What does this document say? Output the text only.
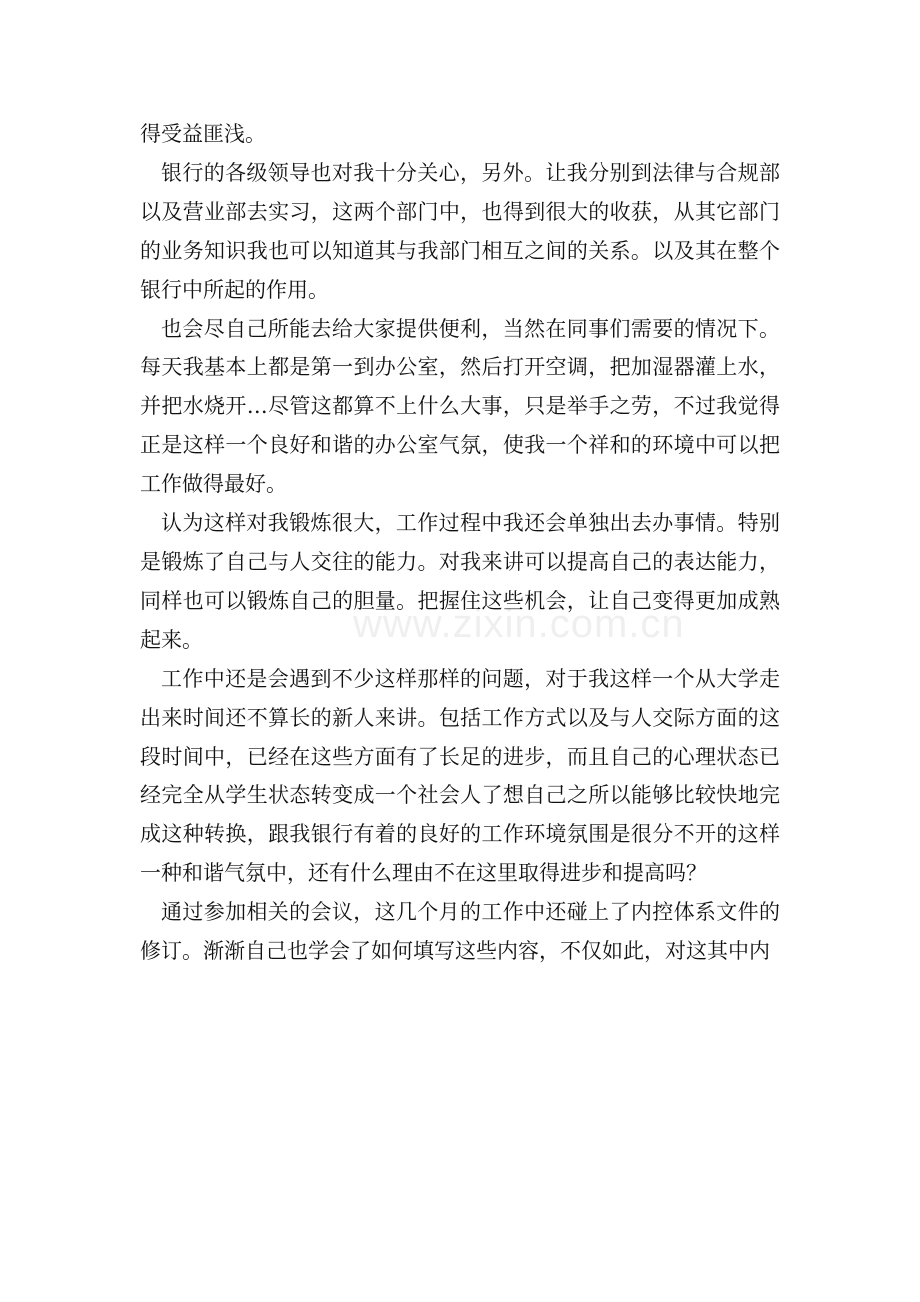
得受益匪浅。

银行的各级领导也对我十分关心，另外。让我分别到法律与合规部以及营业部去实习，这两个部门中，也得到很大的收获，从其它部门的业务知识我也可以知道其与我部门相互之间的关系。以及其在整个银行中所起的作用。

也会尽自己所能去给大家提供便利，当然在同事们需要的情况下。每天我基本上都是第一到办公室，然后打开空调，把加湿器灌上水，并把水烧开…尽管这都算不上什么大事，只是举手之劳，不过我觉得正是这样一个良好和谐的办公室气氛，使我一个祥和的环境中可以把工作做得最好。

认为这样对我锻炼很大，工作过程中我还会单独出去办事情。特别是锻炼了自己与人交往的能力。对我来讲可以提高自己的表达能力，同样也可以锻炼自己的胆量。把握住这些机会，让自己变得更加成熟起来。

工作中还是会遇到不少这样那样的问题，对于我这样一个从大学走出来时间还不算长的新人来讲。包括工作方式以及与人交际方面的这段时间中，已经在这些方面有了长足的进步，而且自己的心理状态已经完全从学生状态转变成一个社会人了想自己之所以能够比较快地完成这种转换，跟我银行有着的良好的工作环境氛围是很分不开的这样一种和谐气氛中，还有什么理由不在这里取得进步和提高吗？

通过参加相关的会议，这几个月的工作中还碰上了内控体系文件的修订。渐渐自己也学会了如何填写这些内容，不仅如此，对这其中内

www.zixin.com.cn
